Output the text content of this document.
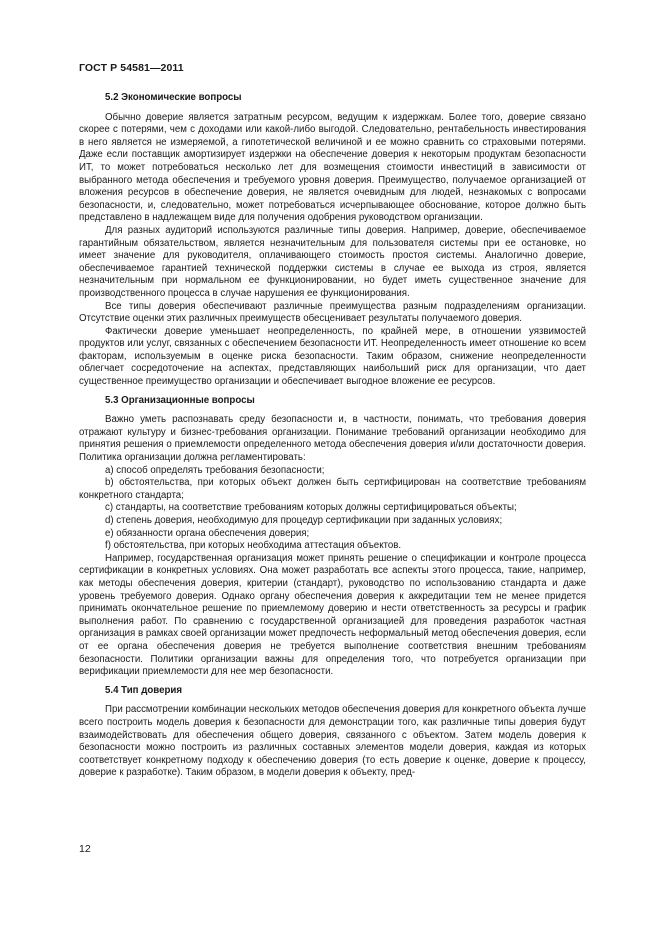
ГОСТ Р 54581—2011
5.2 Экономические вопросы

Обычно доверие является затратным ресурсом, ведущим к издержкам. Более того, доверие связано скорее с потерями, чем с доходами или какой-либо выгодой. Следовательно, рентабельность инвестирования в него является не измеряемой, а гипотетической величиной и ее можно сравнить со страховыми потерями. Даже если поставщик амортизирует издержки на обеспечение доверия к некоторым продуктам безопасности ИТ, то может потребоваться несколько лет для возмещения стоимости инвестиций в зависимости от выбранного метода обеспечения и требуемого уровня доверия. Преимущество, получаемое организацией от вложения ресурсов в обеспечение доверия, не является очевидным для людей, незнакомых с вопросами безопасности, и, следовательно, может потребоваться исчерпывающее обоснование, которое должно быть представлено в надлежащем виде для получения одобрения руководством организации.

Для разных аудиторий используются различные типы доверия. Например, доверие, обеспечиваемое гарантийным обязательством, является незначительным для пользователя системы при ее остановке, но имеет значение для руководителя, оплачивающего стоимость простоя системы. Аналогично доверие, обеспечиваемое гарантией технической поддержки системы в случае ее выхода из строя, является незначительным при нормальном ее функционировании, но будет иметь существенное значение для производственного процесса в случае нарушения ее функционирования.

Все типы доверия обеспечивают различные преимущества разным подразделениям организации. Отсутствие оценки этих различных преимуществ обесценивает результаты получаемого доверия.

Фактически доверие уменьшает неопределенность, по крайней мере, в отношении уязвимостей продуктов или услуг, связанных с обеспечением безопасности ИТ. Неопределенность имеет отношение ко всем факторам, используемым в оценке риска безопасности. Таким образом, снижение неопределенности облегчает сосредоточение на аспектах, представляющих наибольший риск для организации, что дает существенное преимущество организации и обеспечивает выгодное вложение ее ресурсов.

5.3 Организационные вопросы

Важно уметь распознавать среду безопасности и, в частности, понимать, что требования доверия отражают культуру и бизнес-требования организации. Понимание требований организации необходимо для принятия решения о приемлемости определенного метода обеспечения доверия и/или достаточности доверия. Политика организации должна регламентировать:

a) способ определять требования безопасности;

b) обстоятельства, при которых объект должен быть сертифицирован на соответствие требованиям конкретного стандарта;

c) стандарты, на соответствие требованиям которых должны сертифицироваться объекты;

d) степень доверия, необходимую для процедур сертификации при заданных условиях;

e) обязанности органа обеспечения доверия;

f) обстоятельства, при которых необходима аттестация объектов.

Например, государственная организация может принять решение о спецификации и контроле процесса сертификации в конкретных условиях. Она может разработать все аспекты этого процесса, такие, например, как методы обеспечения доверия, критерии (стандарт), руководство по использованию стандарта и даже уровень требуемого доверия. Однако органу обеспечения доверия к аккредитации тем не менее придется принимать окончательное решение по приемлемому доверию и нести ответственность за ресурсы и график выполнения работ. По сравнению с государственной организацией для проведения разработок частная организация в рамках своей организации может предпочесть неформальный метод обеспечения доверия, если от ее органа обеспечения доверия не требуется выполнение соответствия внешним требованиям безопасности. Политики организации важны для определения того, что потребуется организации при верификации приемлемости для нее мер безопасности.

5.4 Тип доверия

При рассмотрении комбинации нескольких методов обеспечения доверия для конкретного объекта лучше всего построить модель доверия к безопасности для демонстрации того, как различные типы доверия будут взаимодействовать для обеспечения общего доверия, связанного с объектом. Затем модель доверия к безопасности можно построить из различных составных элементов модели доверия, каждая из которых соответствует конкретному подходу к обеспечению доверия (то есть доверие к оценке, доверие к процессу, доверие к разработке). Таким образом, в модели доверия к объекту, пред-

12
